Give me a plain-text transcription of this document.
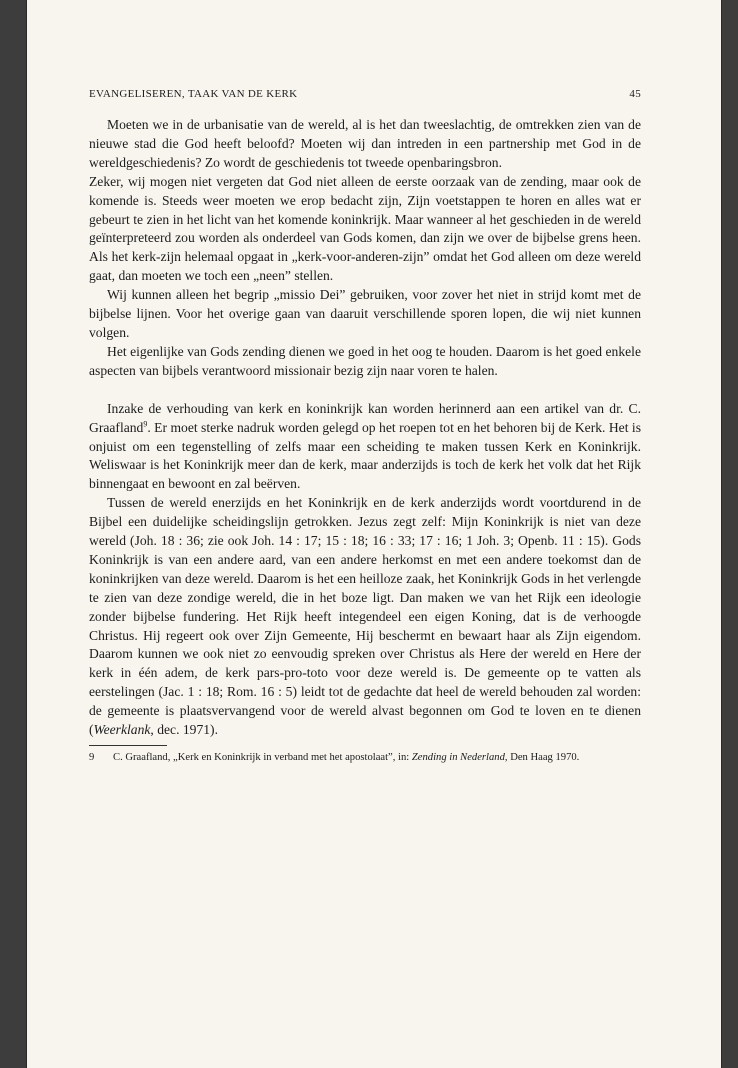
EVANGELISEREN, TAAK VAN DE KERK	45

Moeten we in de urbanisatie van de wereld, al is het dan tweeslachtig, de omtrekken zien van de nieuwe stad die God heeft beloofd? Moeten wij dan intreden in een partnership met God in de wereldgeschiedenis? Zo wordt de geschiedenis tot tweede openbaringsbron.

Zeker, wij mogen niet vergeten dat God niet alleen de eerste oorzaak van de zending, maar ook de komende is. Steeds weer moeten we erop bedacht zijn, Zijn voetstappen te horen en alles wat er gebeurt te zien in het licht van het komende koninkrijk. Maar wanneer al het geschieden in de wereld geïnterpreteerd zou worden als onderdeel van Gods komen, dan zijn we over de bijbelse grens heen. Als het kerk-zijn helemaal opgaat in „kerk-voor-anderen-zijn” omdat het God alleen om deze wereld gaat, dan moeten we toch een „neen” stellen.

Wij kunnen alleen het begrip „missio Dei” gebruiken, voor zover het niet in strijd komt met de bijbelse lijnen. Voor het overige gaan van daaruit verschillende sporen lopen, die wij niet kunnen volgen.

Het eigenlijke van Gods zending dienen we goed in het oog te houden. Daarom is het goed enkele aspecten van bijbels verantwoord missionair bezig zijn naar voren te halen.

Inzake de verhouding van kerk en koninkrijk kan worden herinnerd aan een artikel van dr. C. Graafland$^9$. Er moet sterke nadruk worden gelegd op het roepen tot en het behoren bij de Kerk. Het is onjuist om een tegenstelling of zelfs maar een scheiding te maken tussen Kerk en Koninkrijk. Weliswaar is het Koninkrijk meer dan de kerk, maar anderzijds is toch de kerk het volk dat het Rijk binnengaat en bewoont en zal beërven.

Tussen de wereld enerzijds en het Koninkrijk en de kerk anderzijds wordt voortdurend in de Bijbel een duidelijke scheidingslijn getrokken. Jezus zegt zelf: Mijn Koninkrijk is niet van deze wereld (Joh. 18 : 36; zie ook Joh. 14 : 17; 15 : 18; 16 : 33; 17 : 16; 1 Joh. 3; Openb. 11 : 15). Gods Koninkrijk is van een andere aard, van een andere herkomst en met een andere toekomst dan de koninkrijken van deze wereld. Daarom is het een heilloze zaak, het Koninkrijk Gods in het verlengde te zien van deze zondige wereld, die in het boze ligt. Dan maken we van het Rijk een ideologie zonder bijbelse fundering. Het Rijk heeft integendeel een eigen Koning, dat is de verhoogde Christus. Hij regeert ook over Zijn Gemeente, Hij beschermt en bewaart haar als Zijn eigendom. Daarom kunnen we ook niet zo eenvoudig spreken over Christus als Here der wereld en Here der kerk in één adem, de kerk pars-pro-toto voor deze wereld is. De gemeente op te vatten als eerstelingen (Jac. 1 : 18; Rom. 16 : 5) leidt tot de gedachte dat heel de wereld behouden zal worden: de gemeente is plaatsvervangend voor de wereld alvast begonnen om God te loven en te dienen (Weerklank, dec. 1971).

9	C. Graafland, „Kerk en Koninkrijk in verband met het apostolaat”, in: Zending in Nederland, Den Haag 1970.
